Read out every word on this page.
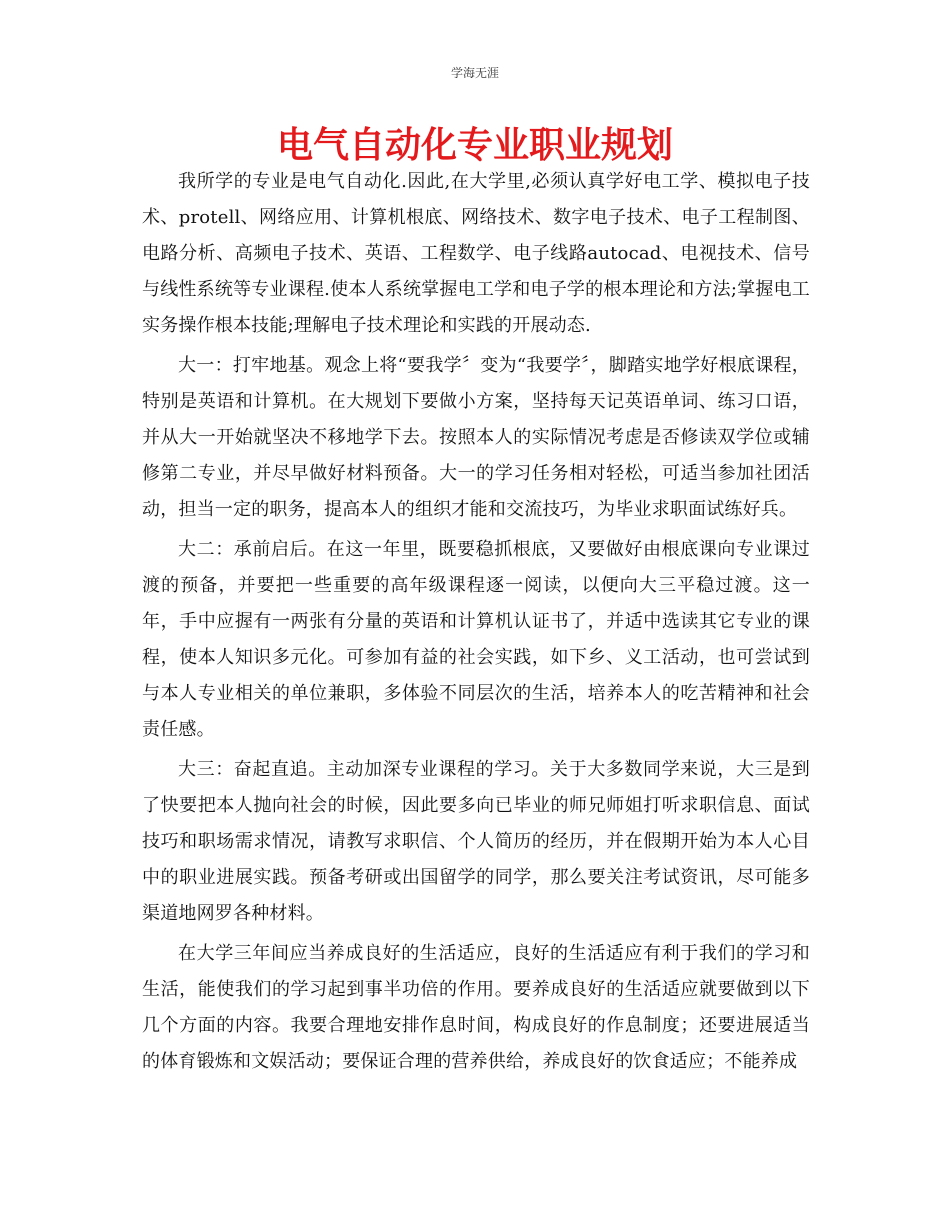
学海无涯
电气自动化专业职业规划

我所学的专业是电气自动化.因此,在大学里,必须认真学好电工学、模拟电子技术、protell、网络应用、计算机根底、网络技术、数字电子技术、电子工程制图、电路分析、高频电子技术、英语、工程数学、电子线路autocad、电视技术、信号与线性系统等专业课程.使本人系统掌握电工学和电子学的根本理论和方法;掌握电工实务操作根本技能;理解电子技术理论和实践的开展动态.

大一：打牢地基。观念上将“要我学〞变为“我要学〞，脚踏实地学好根底课程，特别是英语和计算机。在大规划下要做小方案，坚持每天记英语单词、练习口语，并从大一开始就坚决不移地学下去。按照本人的实际情况考虑是否修读双学位或辅修第二专业，并尽早做好材料预备。大一的学习任务相对轻松，可适当参加社团活动，担当一定的职务，提高本人的组织才能和交流技巧，为毕业求职面试练好兵。

大二：承前启后。在这一年里，既要稳抓根底，又要做好由根底课向专业课过渡的预备，并要把一些重要的高年级课程逐一阅读，以便向大三平稳过渡。这一年，手中应握有一两张有分量的英语和计算机认证书了，并适中选读其它专业的课程，使本人知识多元化。可参加有益的社会实践，如下乡、义工活动，也可尝试到与本人专业相关的单位兼职，多体验不同层次的生活，培养本人的吃苦精神和社会责任感。

大三：奋起直追。主动加深专业课程的学习。关于大多数同学来说，大三是到了快要把本人抛向社会的时候，因此要多向已毕业的师兄师姐打听求职信息、面试技巧和职场需求情况，请教写求职信、个人简历的经历，并在假期开始为本人心目中的职业进展实践。预备考研或出国留学的同学，那么要关注考试资讯，尽可能多渠道地网罗各种材料。

在大学三年间应当养成良好的生活适应，良好的生活适应有利于我们的学习和生活，能使我们的学习起到事半功倍的作用。要养成良好的生活适应就要做到以下几个方面的内容。我要合理地安排作息时间，构成良好的作息制度；还要进展适当的体育锻炼和文娱活动；要保证合理的营养供给，养成良好的饮食适应；不能养成
